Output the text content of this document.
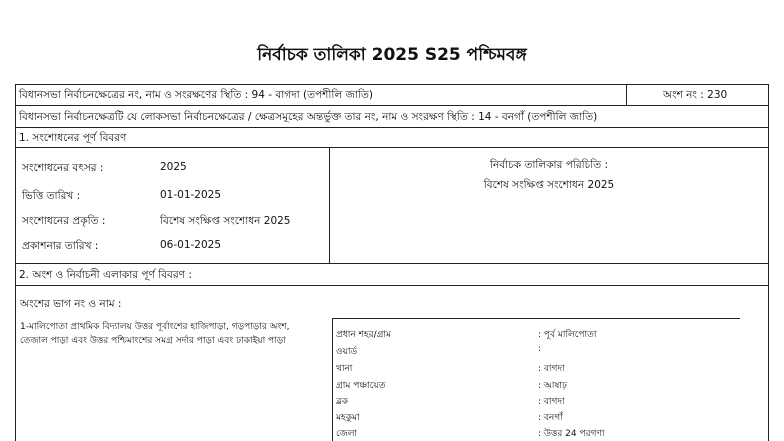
নির্বাচক তালিকা 2025 S25 পশ্চিমবঙ্গ
বিধানসভা নির্বাচনক্ষেত্রের নং, নাম ও সংরক্ষণের স্থিতি : 94 - বাগদা (তপশীলি জাতি)	অংশ নং : 230
বিধানসভা নির্বাচনক্ষেত্রটি যে লোকসভা নির্বাচনক্ষেত্রের / ক্ষেত্রসমূহের অন্তর্ভুক্ত তার নং, নাম ও সংরক্ষণ স্থিতি : 14 - বনগাঁ (তপশীলি জাতি)
1. সংশোধনের পূর্ণ বিবরণ
সংশোধনের বৎসর :	2025
ভিত্তি তারিখ :	01-01-2025
সংশোধনের প্রকৃতি :	বিশেষ সংক্ষিপ্ত সংশোধন 2025
প্রকাশনার তারিখ :	06-01-2025
নির্বাচক তালিকার পরিচিতি :
বিশেষ সংক্ষিপ্ত সংশোধন 2025
2. অংশ ও নির্বাচনী এলাকার পূর্ণ বিবরণ :
অংশের ভাগ নং ও নাম :
1-মালিপোতা প্রাথমিক বিদ্যালয় উত্তর পূর্বাংশের হাজিপাড়া, গড়পাড়ার অংশ,
তেজাল পাড়া এবং উত্তর পশ্চিমাংশের সমগ্র সর্দার পাড়া এবং ঢাকাইয়া পাড়া
প্রধান শহর/গ্রাম	: পূর্ব মালিপোতা
ওয়ার্ড	:
থানা	: বাগদা
গ্রাম পঞ্চায়েত	: আষাঢ়
ব্লক	: বাগদা
মহকুমা	: বনগাঁ
জেলা	: উত্তর 24 পরগণা
